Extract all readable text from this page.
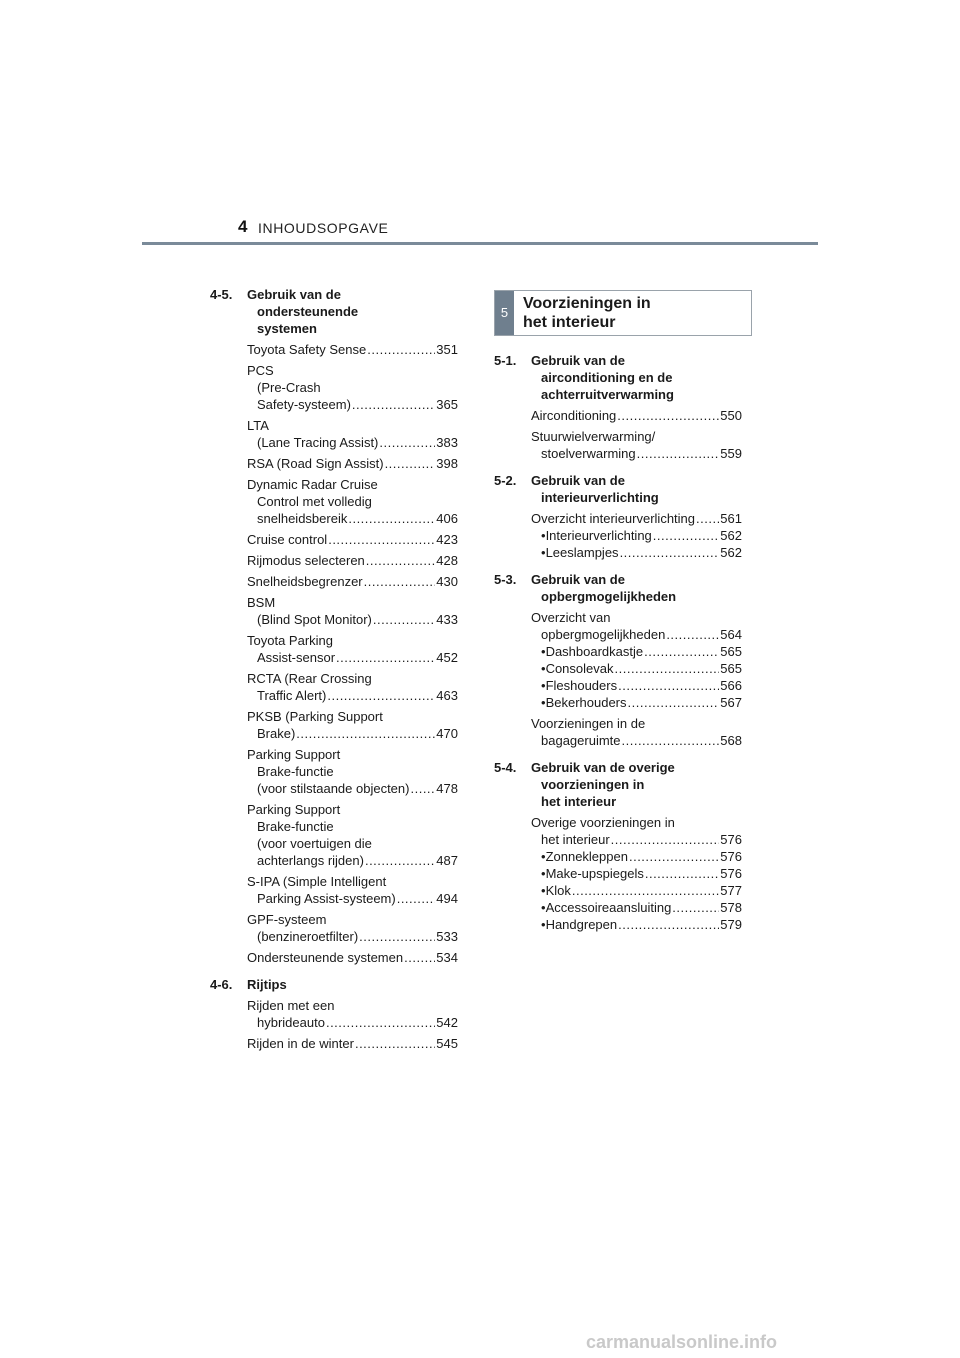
4 INHOUDSOPGAVE
4-5. Gebruik van de
ondersteunende
systemen
Toyota Safety Sense .....	351
PCS
(Pre-Crash
Safety-systeem) .....	365
LTA
(Lane Tracing Assist) .....	383
RSA (Road Sign Assist) .....	398
Dynamic Radar Cruise
Control met volledig
snelheidsbereik .....	406
Cruise control .....	423
Rijmodus selecteren .....	428
Snelheidsbegrenzer .....	430
BSM
(Blind Spot Monitor) .....	433
Toyota Parking
Assist-sensor .....	452
RCTA (Rear Crossing
Traffic Alert) .....	463
PKSB (Parking Support
Brake) .....	470
Parking Support
Brake-functie
(voor stilstaande objecten) ..... 478
Parking Support
Brake-functie
(voor voertuigen die
achterlangs rijden) .....	487
S-IPA (Simple Intelligent
Parking Assist-systeem) .....	494
GPF-systeem
(benzineroetfilter) .....	533
Ondersteunende systemen .....	534
4-6. Rijtips
Rijden met een
hybrideauto .....	542
Rijden in de winter .....	545
5
Voorzieningen in
het interieur
5-1. Gebruik van de
airconditioning en de
achterruitverwarming
Airconditioning .....	550
Stuurwielverwarming/
stoelverwarming .....	559
5-2. Gebruik van de
interieurverlichting
Overzicht interieurverlichting ..... 561
• Interieurverlichting .....	562
• Leeslampjes .....	562
5-3. Gebruik van de
opbergmogelijkheden
Overzicht van
opbergmogelijkheden .....	564
• Dashboardkastje .....	565
• Consolevak .....	565
• Fleshouders .....	566
• Bekerhouders .....	567
Voorzieningen in de
bagageruimte .....	568
5-4. Gebruik van de overige
voorzieningen in
het interieur
Overige voorzieningen in
het interieur .....	576
• Zonnekleppen .....	576
• Make-upspiegels .....	576
• Klok .....	577
• Accessoireaansluiting .....	578
• Handgrepen .....	579
carmanualsonline.info
